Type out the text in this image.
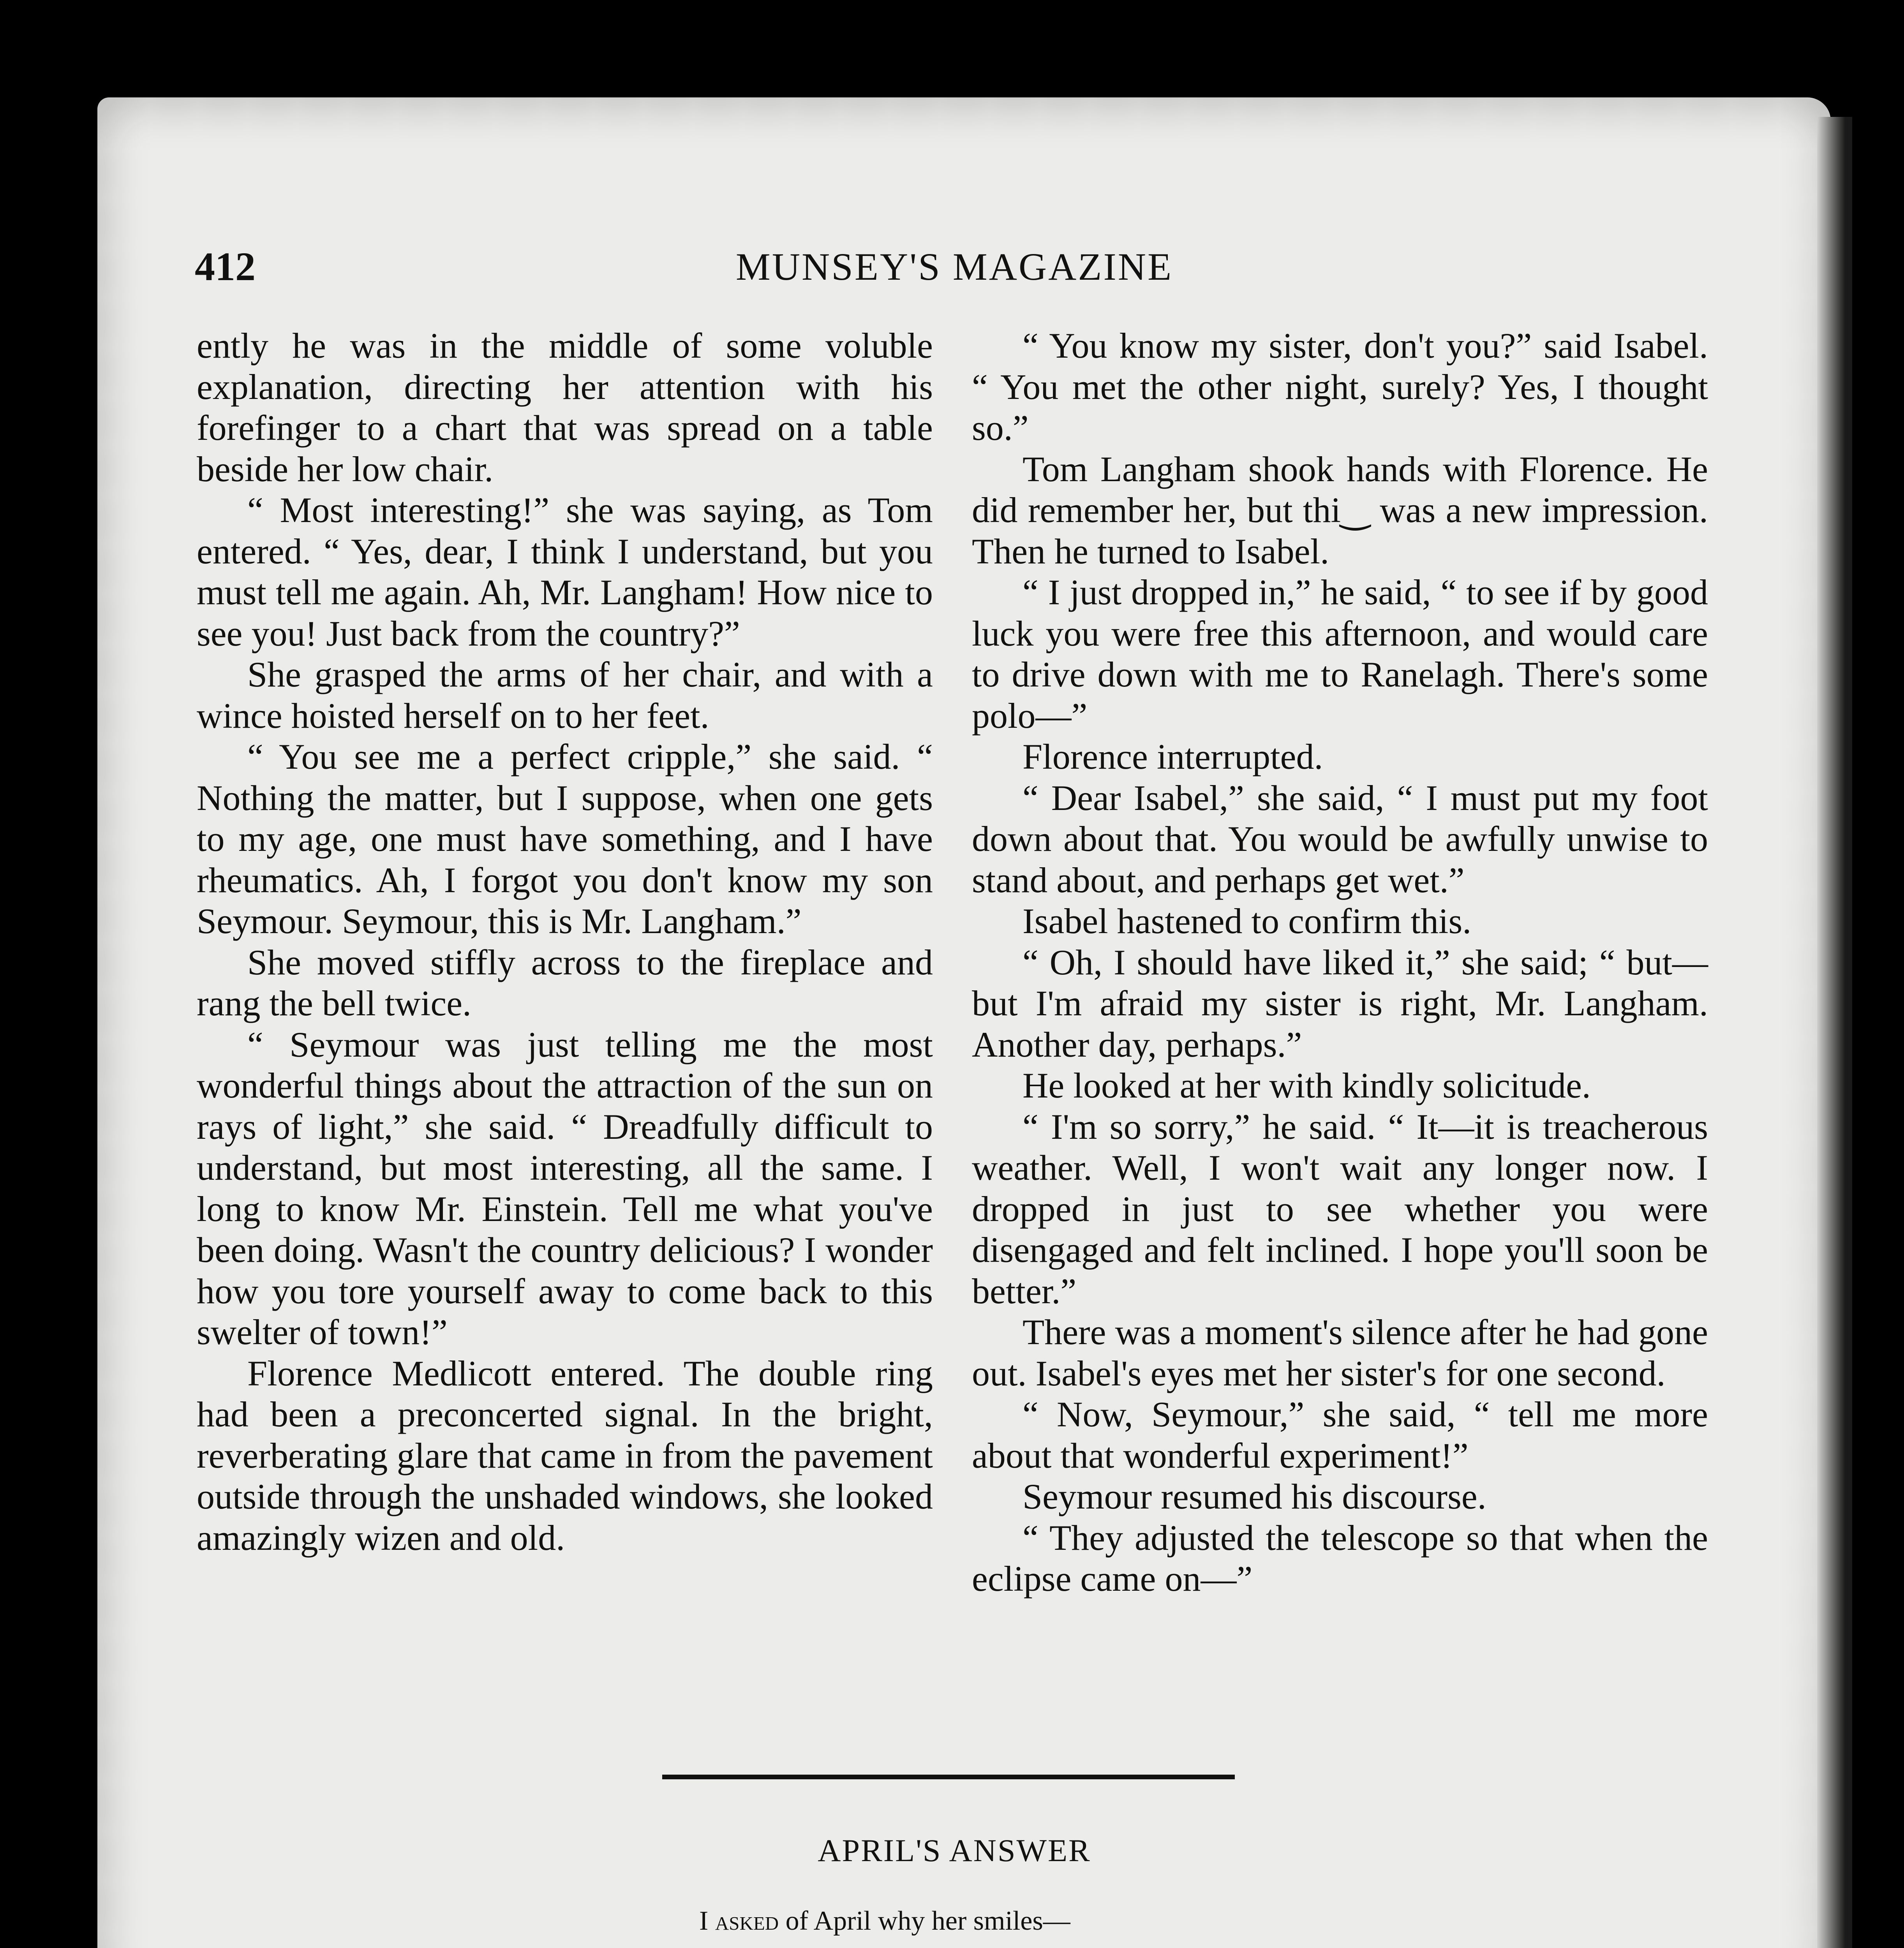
MUNSEY'S MAGAZINE
412

ently he was in the middle of some voluble explanation, directing her attention with his forefinger to a chart that was spread on a table beside her low chair.

“ Most interesting!” she was saying, as Tom entered. “ Yes, dear, I think I understand, but you must tell me again. Ah, Mr. Langham! How nice to see you! Just back from the country?”

She grasped the arms of her chair, and with a wince hoisted herself on to her feet.

“ You see me a perfect cripple,” she said. “ Nothing the matter, but I suppose, when one gets to my age, one must have something, and I have rheumatics. Ah, I forgot you don't know my son Seymour. Seymour, this is Mr. Langham.”

She moved stiffly across to the fireplace and rang the bell twice.

“ Seymour was just telling me the most wonderful things about the attraction of the sun on rays of light,” she said. “ Dreadfully difficult to understand, but most interesting, all the same. I long to know Mr. Einstein. Tell me what you've been doing. Wasn't the country delicious? I wonder how you tore yourself away to come back to this swelter of town!”

Florence Medlicott entered. The double ring had been a preconcerted signal. In the bright, reverberating glare that came in from the pavement outside through the unshaded windows, she looked amazingly wizen and old.

“ You know my sister, don't you?” said Isabel. “ You met the other night, surely? Yes, I thought so.”

Tom Langham shook hands with Florence. He did remember her, but thi‿ was a new impression. Then he turned to Isabel.

“ I just dropped in,” he said, “ to see if by good luck you were free this afternoon, and would care to drive down with me to Ranelagh. There's some polo—”

Florence interrupted.

“ Dear Isabel,” she said, “ I must put my foot down about that. You would be awfully unwise to stand about, and perhaps get wet.”

Isabel hastened to confirm this.

“ Oh, I should have liked it,” she said; “ but—but I'm afraid my sister is right, Mr. Langham. Another day, perhaps.”

He looked at her with kindly solicitude.

“ I'm so sorry,” he said. “ It—it is treacherous weather. Well, I won't wait any longer now. I dropped in just to see whether you were disengaged and felt inclined. I hope you'll soon be better.”

There was a moment's silence after he had gone out. Isabel's eyes met her sister's for one second.

“ Now, Seymour,” she said, “ tell me more about that wonderful experiment!”

Seymour resumed his discourse.

“ They adjusted the telescope so that when the eclipse came on—”

APRIL'S ANSWER
I asked of April why her smiles—
